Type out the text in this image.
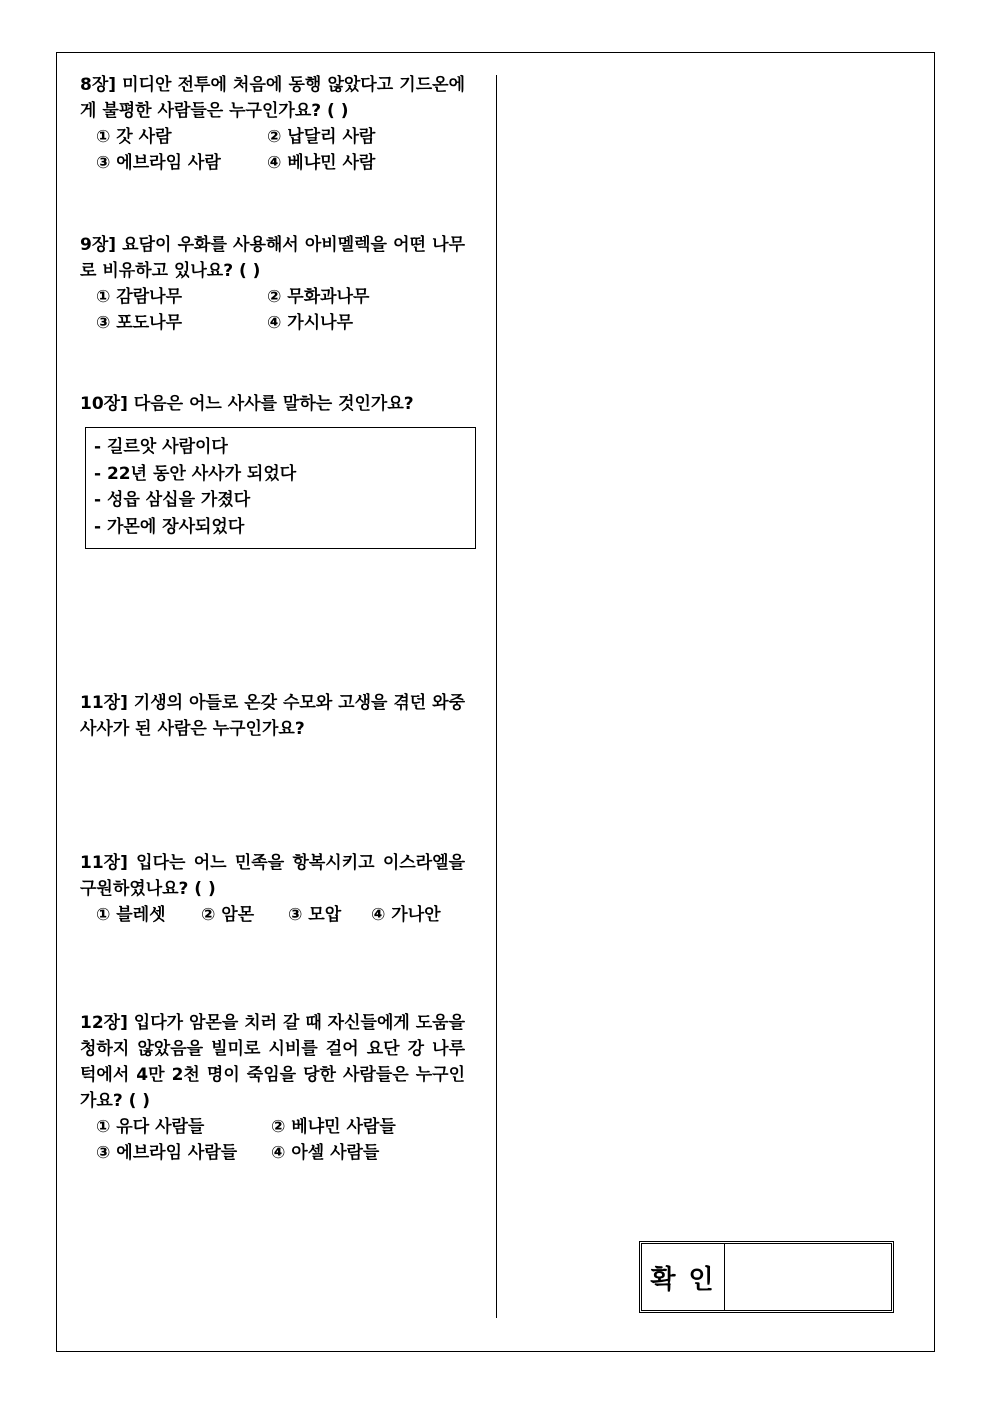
8장] 미디안 전투에 처음에 동행 않았다고 기드온에게 불평한 사람들은 누구인가요? ( )
① 갓 사람	② 납달리 사람
③ 에브라임 사람	④ 베냐민 사람
9장] 요담이 우화를 사용해서 아비멜렉을 어떤 나무로 비유하고 있나요? ( )
① 감람나무	② 무화과나무
③ 포도나무	④ 가시나무
10장] 다음은 어느 사사를 말하는 것인가요?
- 길르앗 사람이다
- 22년 동안 사사가 되었다
- 성읍 삼십을 가졌다
- 가몬에 장사되었다
11장] 기생의 아들로 온갖 수모와 고생을 겪던 와중 사사가 된 사람은 누구인가요?
11장] 입다는 어느 민족을 항복시키고 이스라엘을 구원하였나요? ( )
① 블레셋 ② 암몬 ③ 모압 ④ 가나안
12장] 입다가 암몬을 치러 갈 때 자신들에게 도움을 청하지 않았음을 빌미로 시비를 걸어 요단 강 나루턱에서 4만 2천 명이 죽임을 당한 사람들은 누구인가요? ( )
① 유다 사람들	② 베냐민 사람들
③ 에브라임 사람들 ④ 아셀 사람들
확 인
